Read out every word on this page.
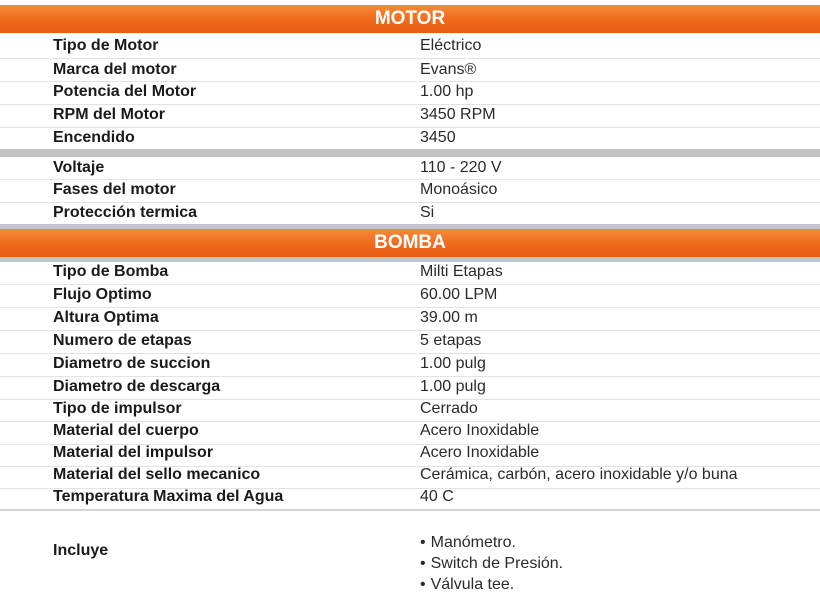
MOTOR
Tipo de Motor	Eléctrico
Marca del motor	Evans®
Potencia del Motor	1.00 hp
RPM del Motor	3450 RPM
Encendido	3450
Voltaje	110 - 220 V
Fases del motor	Monoásico
Protección termica	Si
BOMBA
Tipo de Bomba	Milti Etapas
Flujo Optimo	60.00 LPM
Altura Optima	39.00 m
Numero de etapas	5 etapas
Diametro de succion	1.00 pulg
Diametro de descarga	1.00 pulg
Tipo de impulsor	Cerrado
Material del cuerpo	Acero Inoxidable
Material del impulsor	Acero Inoxidable
Material del sello mecanico	Cerámica, carbón, acero inoxidable y/o buna
Temperatura Maxima del Agua	40 C
Incluye	• Manómetro.
• Switch de Presión.
• Válvula tee.
